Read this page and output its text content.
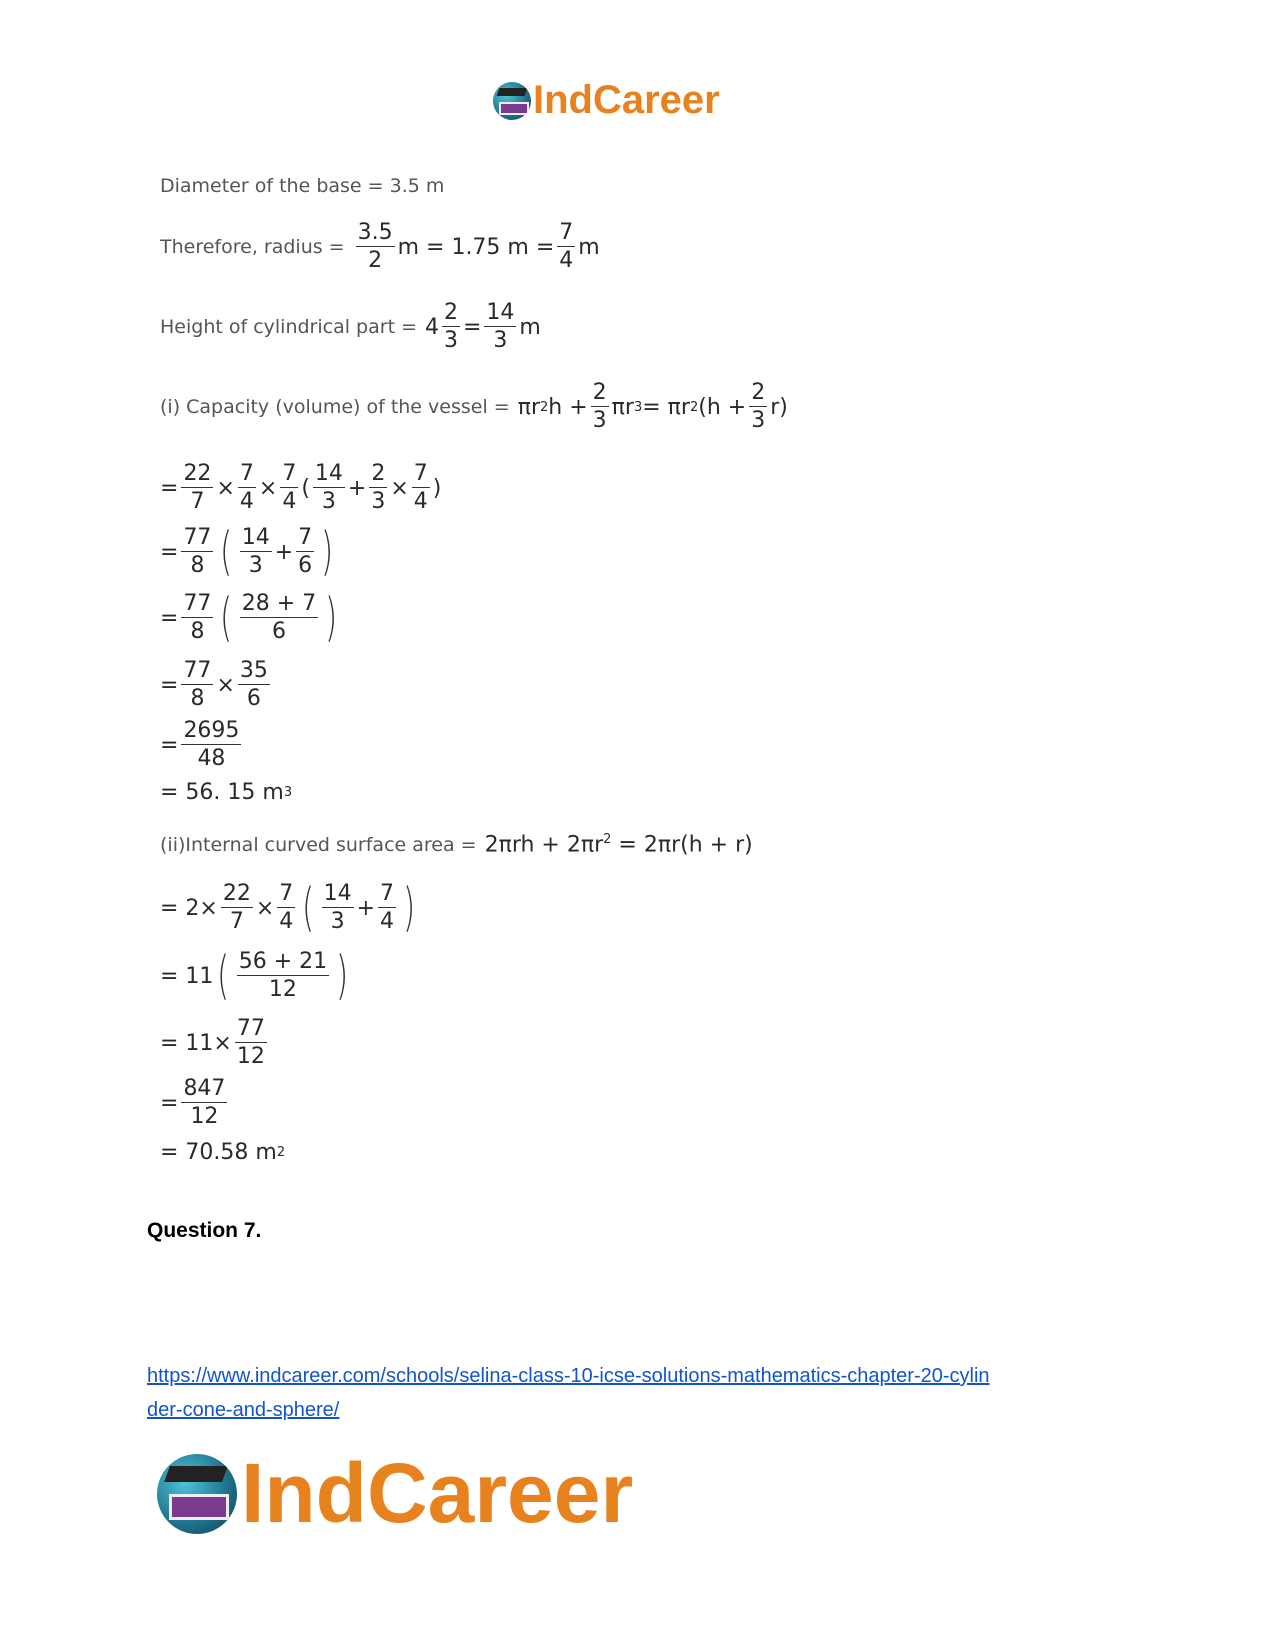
IndCareer
Diameter of the base = 3.5 m
Therefore, radius = $\frac{3.5}{2}$ m = 1.75 $m = \frac{7}{4}$ m
Height of cylindrical part = $4 \frac{2}{3} = \frac{14}{3}$ m
(i) Capacity (volume) of the vessel = πr 2 $h + \frac{2}{3}$ πr 3 = πr 2 $(h + \frac{2}{3} r)$
= $\frac{22}{7} \times \frac{7}{4} \times \frac{7}{4}$ ( $\frac{14}{3} + \frac{2}{3} \times \frac{7}{4}$ )
= $\frac{77}{8}$ ( $\frac{14}{3} + \frac{7}{6}$ )
= $\frac{77}{8}$ ( $\frac{28 + 7}{6}$ )
= $\frac{77}{8} \times \frac{35}{6}$
= $\frac{2695}{48}$
= 56. 15 m 3
(ii)Internal curved surface area = $2\pi rh + 2\pi r^2 = 2\pi r(h + r)$
= $2\times \frac{22}{7} \times \frac{7}{4}$ ( $\frac{14}{3} + \frac{7}{4}$ )
= 11 ( $\frac{56 + 21}{12}$ )
= $11\times \frac{77}{12}$
= $\frac{847}{12}$
= 70.58 m 2
Question 7.
https://www.indcareer.com/schools/selina-class-10-icse-solutions-mathematics-chapter-20-cylin
der-cone-and-sphere/
IndCareer
